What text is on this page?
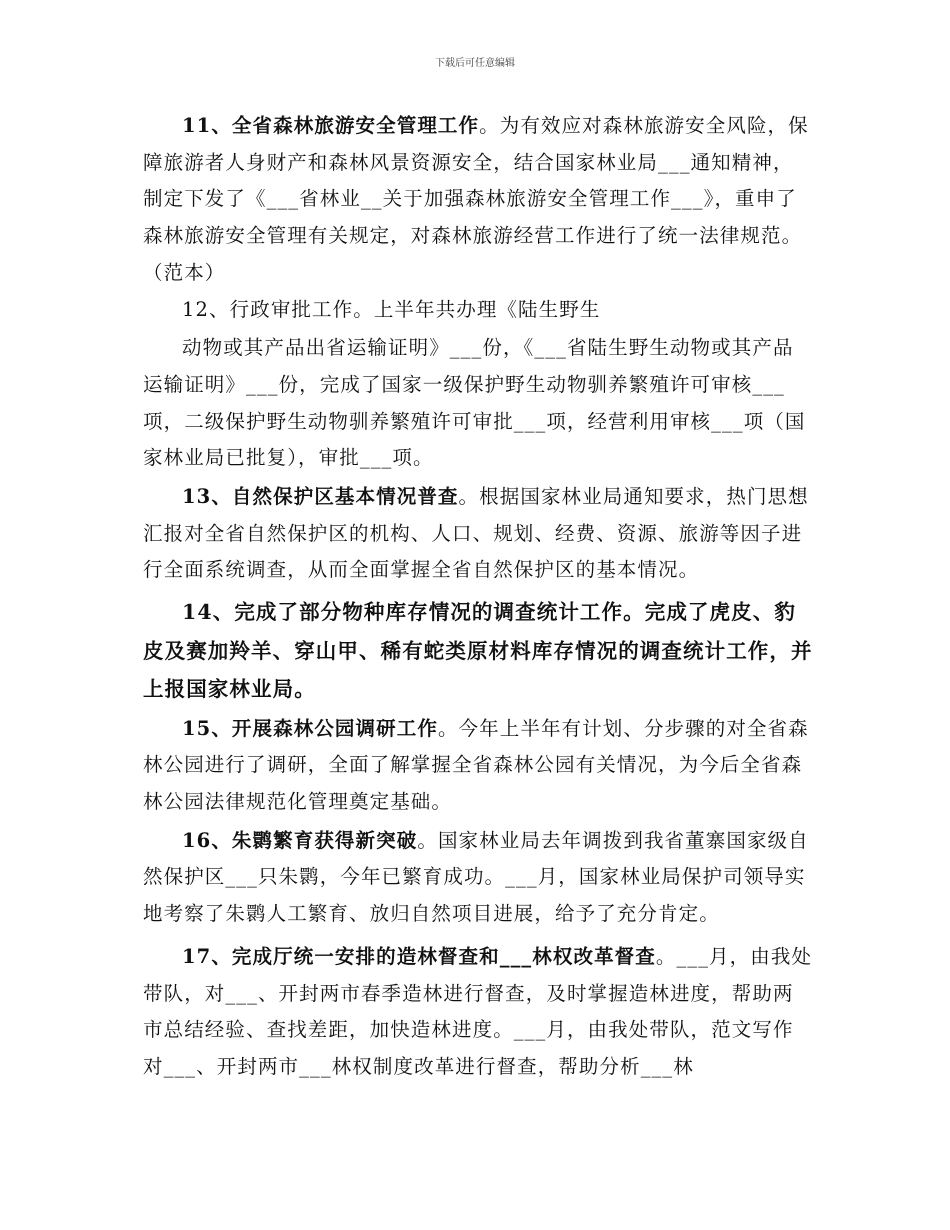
下载后可任意编辑

11、全省森林旅游安全管理工作。为有效应对森林旅游安全风险，保障旅游者人身财产和森林风景资源安全，结合国家林业局___通知精神，制定下发了《___省林业__关于加强森林旅游安全管理工作___》，重申了森林旅游安全管理有关规定，对森林旅游经营工作进行了统一法律规范。（范本）

12、行政审批工作。上半年共办理《陆生野生

动物或其产品出省运输证明》___份，《___省陆生野生动物或其产品运输证明》___份，完成了国家一级保护野生动物驯养繁殖许可审核___项，二级保护野生动物驯养繁殖许可审批___项，经营利用审核___项（国家林业局已批复），审批___项。

13、自然保护区基本情况普查。根据国家林业局通知要求，热门思想汇报对全省自然保护区的机构、人口、规划、经费、资源、旅游等因子进行全面系统调查，从而全面掌握全省自然保护区的基本情况。

14、完成了部分物种库存情况的调查统计工作。完成了虎皮、豹皮及赛加羚羊、穿山甲、稀有蛇类原材料库存情况的调查统计工作，并上报国家林业局。

15、开展森林公园调研工作。今年上半年有计划、分步骤的对全省森林公园进行了调研，全面了解掌握全省森林公园有关情况，为今后全省森林公园法律规范化管理奠定基础。

16、朱鹮繁育获得新突破。国家林业局去年调拨到我省董寨国家级自然保护区___只朱鹮，今年已繁育成功。___月，国家林业局保护司领导实地考察了朱鹮人工繁育、放归自然项目进展，给予了充分肯定。

17、完成厅统一安排的造林督查和___林权改革督查。___月，由我处带队，对___、开封两市春季造林进行督查，及时掌握造林进度，帮助两市总结经验、查找差距，加快造林进度。___月，由我处带队，范文写作对___、开封两市___林权制度改革进行督查，帮助分析___林
